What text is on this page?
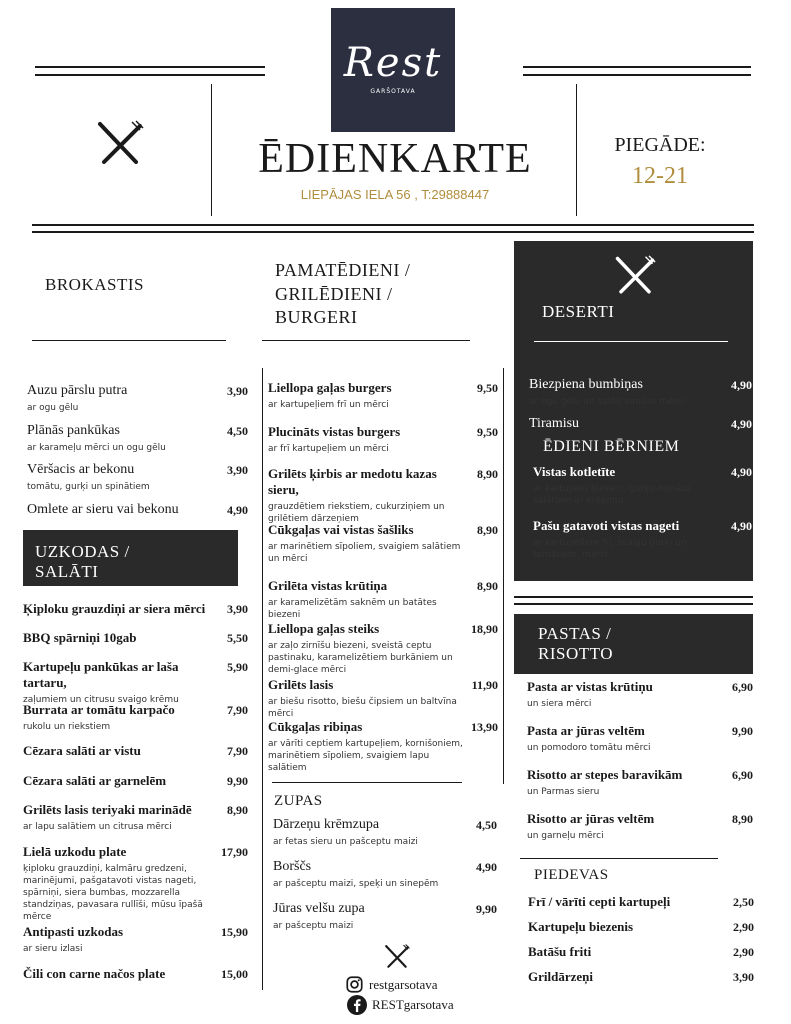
Rest
GARŠOTAVA
ĒDIENKARTE
LIEPĀJAS IELA 56 , T:29888447
PIEGĀDE:
12-21
BROKASTIS
Auzu pārslu putra
ar ogu gēlu
3,90
Plānās pankūkas
ar karameļu mērci un ogu gēlu
4,50
Vēršacis ar bekonu
tomātu, gurķi un spinātiem
3,90
Omlete ar sieru vai bekonu	4,90
UZKODAS /
SALĀTI
Ķiploku grauzdiņi ar siera mērci	3,90
BBQ spārniņi 10gab	5,50
Kartupeļu pankūkas ar laša tartaru,
zaļumiem un citrusu svaigo krēmu
5,90
Burrata ar tomātu karpačo
rukolu un riekstiem
7,90
Cēzara salāti ar vistu	7,90
Cēzara salāti ar garnelēm	9,90
Grilēts lasis teriyaki marinādē
ar lapu salātiem un citrusa mērci
8,90
Lielā uzkodu plate
ķiploku grauzdiņi, kalmāru gredzeni, marinējumi, pašgatavoti vistas nageti, spārniņi, siera bumbas, mozzarella standziņas, pavasara rullīši, mūsu īpašā mērce
17,90
Antipasti uzkodas
ar sieru izlasi
15,90
Čili con carne načos plate	15,00
PAMATĒDIENI /
GRILĒDIENI /
BURGERI
Liellopa gaļas burgers
ar kartupeļiem frī un mērci
9,50
Plucināts vistas burgers
ar frī kartupeļiem un mērci
9,50
Grilēts ķirbis ar medotu kazas sieru,
grauzdētiem riekstiem, cukurziņiem un grilētiem dārzeņiem
8,90
Cūkgaļas vai vistas šašliks
ar marinētiem sīpoliem, svaigiem salātiem un mērci
8,90
Grilēta vistas krūtiņa
ar karamelizētām saknēm un batātes biezeni
8,90
Liellopa gaļas steiks
ar zaļo zirnīšu biezeni, sveistā ceptu pastinaku, karamelizētiem burkāniem un demi-glace mērci
18,90
Grilēts lasis
ar biešu risotto, biešu čipsiem un baltvīna mērci
11,90
Cūkgaļas ribiņas
ar vārīti ceptiem kartupeļiem, kornišoniem, marinētiem sīpoliem, svaigiem lapu salātiem
13,90
ZUPAS
Dārzeņu krēmzupa
ar fetas sieru un pašceptu maizi
4,50
Borščs
ar pašceptu maizi, speķi un sinepēm
4,90
Jūras velšu zupa
ar pašceptu maizi
9,90
restgarsotava
RESTgarsotava
DESERTI
Biezpiena bumbiņas
ar ogu gēlu un saldo vaniļas mērci
4,90
Tiramisu	4,90
ĒDIENI BĒRNIEM
Vistas kotletīte
ar kartupeļu biezeni, gurķu-tomātu salātiem ar krējumu
4,90
Pašu gatavoti vistas nageti
ar kartupeļiem frī, svaigu gurķi un tomātiem, mērci
4,90
PASTAS /
RISOTTO
Pasta ar vistas krūtiņu
un siera mērci
6,90
Pasta ar jūras veltēm
un pomodoro tomātu mērci
9,90
Risotto ar stepes baravikām
un Parmas sieru
6,90
Risotto ar jūras veltēm
un garneļu mērci
8,90
PIEDEVAS
Frī / vārīti cepti kartupeļi	2,50
Kartupeļu biezenis	2,90
Batāšu friti	2,90
Grildārzeņi	3,90
